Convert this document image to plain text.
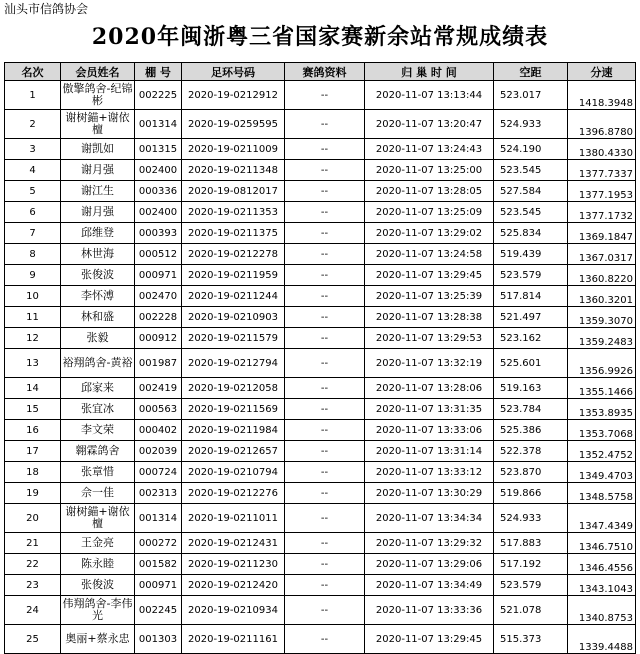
汕头市信鸽协会
2020年闽浙粤三省国家赛新余站常规成绩表
名次	会员姓名	棚 号	足环号码	赛鸽资料	归 巢 时 间	空距	分速
1	傲擎鸽舍-纪锦彬	002225	2020-19-0212912	--	2020-11-07 13:13:44	523.017	1418.3948
2	谢树錨+谢依檀	001314	2020-19-0259595	--	2020-11-07 13:20:47	524.933	1396.8780
3	谢凯如	001315	2020-19-0211009	--	2020-11-07 13:24:43	524.190	1380.4330
4	谢月强	002400	2020-19-0211348	--	2020-11-07 13:25:00	523.545	1377.7337
5	谢江生	000336	2020-19-0812017	--	2020-11-07 13:28:05	527.584	1377.1953
6	谢月强	002400	2020-19-0211353	--	2020-11-07 13:25:09	523.545	1377.1732
7	邱维登	000393	2020-19-0211375	--	2020-11-07 13:29:02	525.834	1369.1847
8	林世海	000512	2020-19-0212278	--	2020-11-07 13:24:58	519.439	1367.0317
9	张俊波	000971	2020-19-0211959	--	2020-11-07 13:29:45	523.579	1360.8220
10	李怀溥	002470	2020-19-0211244	--	2020-11-07 13:25:39	517.814	1360.3201
11	林和盛	002228	2020-19-0210903	--	2020-11-07 13:28:38	521.497	1359.3070
12	张毅	000912	2020-19-0211579	--	2020-11-07 13:29:53	523.162	1359.2483
13	裕翔鸽舍-黄裕	001987	2020-19-0212794	--	2020-11-07 13:32:19	525.601	1356.9926
14	邱家来	002419	2020-19-0212058	--	2020-11-07 13:28:06	519.163	1355.1466
15	张宜冰	000563	2020-19-0211569	--	2020-11-07 13:31:35	523.784	1353.8935
16	李文荣	000402	2020-19-0211984	--	2020-11-07 13:33:06	525.386	1353.7068
17	翱霖鸽舍	002039	2020-19-0212657	--	2020-11-07 13:31:14	522.378	1352.4752
18	张章惜	000724	2020-19-0210794	--	2020-11-07 13:33:12	523.870	1349.4703
19	佘一佳	002313	2020-19-0212276	--	2020-11-07 13:30:29	519.866	1348.5758
20	谢树錨+谢依檀	001314	2020-19-0211011	--	2020-11-07 13:34:34	524.933	1347.4349
21	王金亮	000272	2020-19-0212431	--	2020-11-07 13:29:32	517.883	1346.7510
22	陈永睦	001582	2020-19-0211230	--	2020-11-07 13:29:06	517.192	1346.4556
23	张俊波	000971	2020-19-0212420	--	2020-11-07 13:34:49	523.579	1343.1043
24	伟翔鸽舍-李伟光	002245	2020-19-0210934	--	2020-11-07 13:33:36	521.078	1340.8753
25	奥丽+蔡永忠	001303	2020-19-0211161	--	2020-11-07 13:29:45	515.373	1339.4488
